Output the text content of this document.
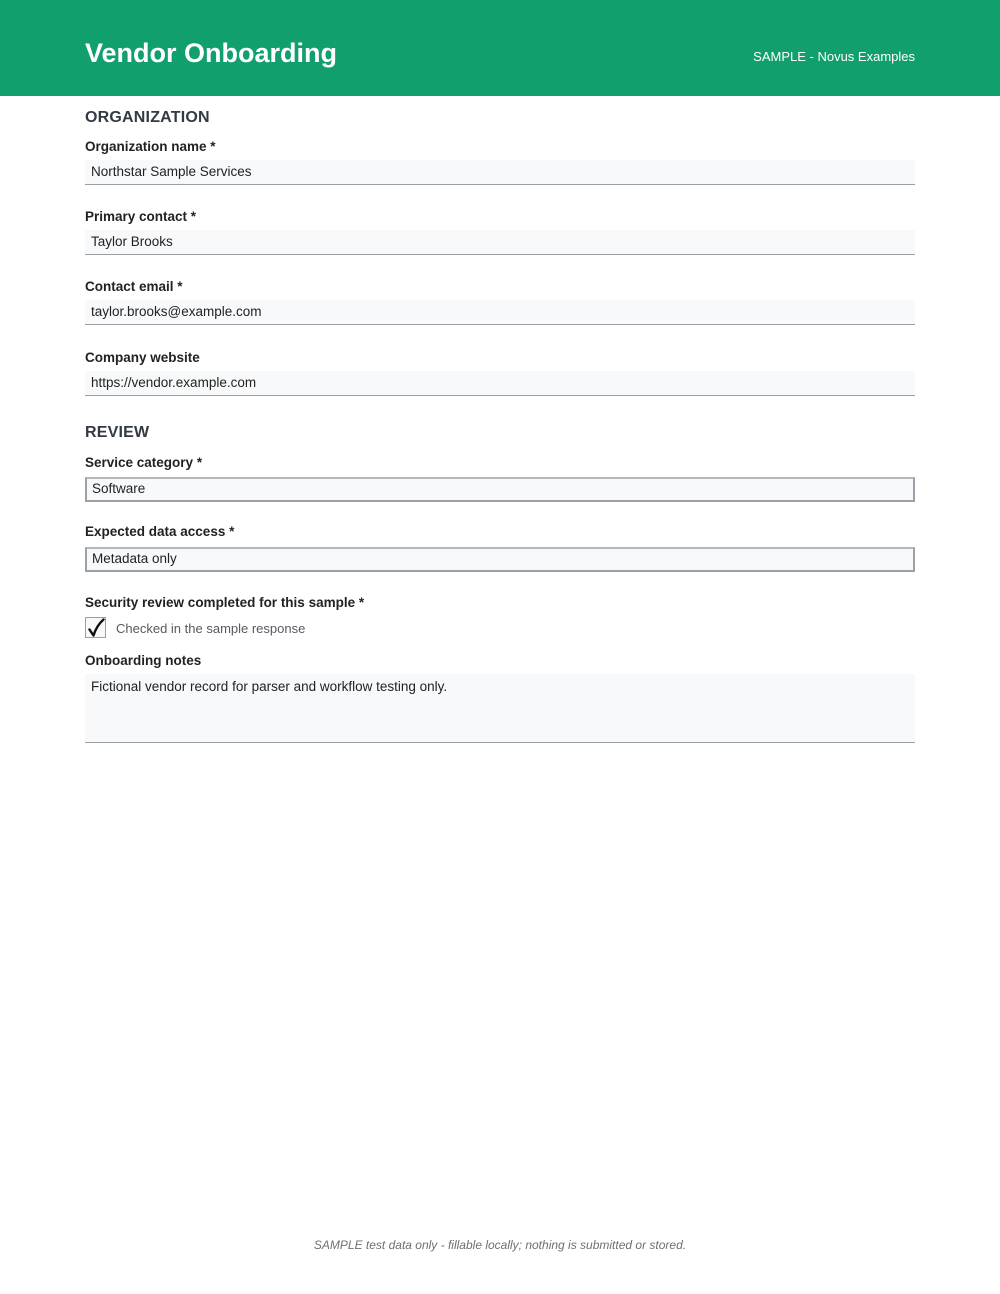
Vendor Onboarding	SAMPLE - Novus Examples
ORGANIZATION
Organization name *
Northstar Sample Services
Primary contact *
Taylor Brooks
Contact email *
taylor.brooks@example.com
Company website
https://vendor.example.com
REVIEW
Service category *
Software
Expected data access *
Metadata only
Security review completed for this sample *
Checked in the sample response
Onboarding notes
Fictional vendor record for parser and workflow testing only.
SAMPLE test data only - fillable locally; nothing is submitted or stored.
